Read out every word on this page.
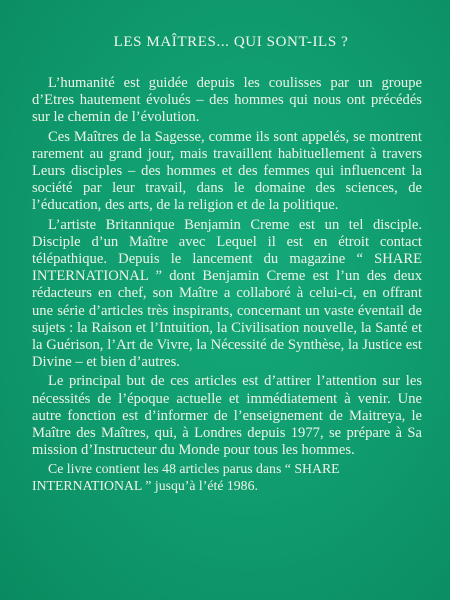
LES MAÎTRES... QUI SONT-ILS ?

L’humanité est guidée depuis les coulisses par un groupe d’Etres hautement évolués – des hommes qui nous ont précédés sur le chemin de l’évolution.

Ces Maîtres de la Sagesse, comme ils sont appelés, se montrent rarement au grand jour, mais travaillent habituellement à travers Leurs disciples – des hommes et des femmes qui influencent la société par leur travail, dans le domaine des sciences, de l’éducation, des arts, de la religion et de la politique.

L’artiste Britannique Benjamin Creme est un tel disciple. Disciple d’un Maître avec Lequel il est en étroit contact télépathique. Depuis le lancement du magazine “ SHARE INTERNATIONAL ” dont Benjamin Creme est l’un des deux rédacteurs en chef, son Maître a collaboré à celui-ci, en offrant une série d’articles très inspirants, concernant un vaste éventail de sujets : la Raison et l’Intuition, la Civilisation nouvelle, la Santé et la Guérison, l’Art de Vivre, la Nécessité de Synthèse, la Justice est Divine – et bien d’autres.

Le principal but de ces articles est d’attirer l’attention sur les nécessités de l’époque actuelle et immédiatement à venir. Une autre fonction est d’informer de l’enseignement de Maitreya, le Maître des Maîtres, qui, à Londres depuis 1977, se prépare à Sa mission d’Instructeur du Monde pour tous les hommes.

Ce livre contient les 48 articles parus dans “ SHARE INTERNATIONAL ” jusqu’à l’été 1986.
